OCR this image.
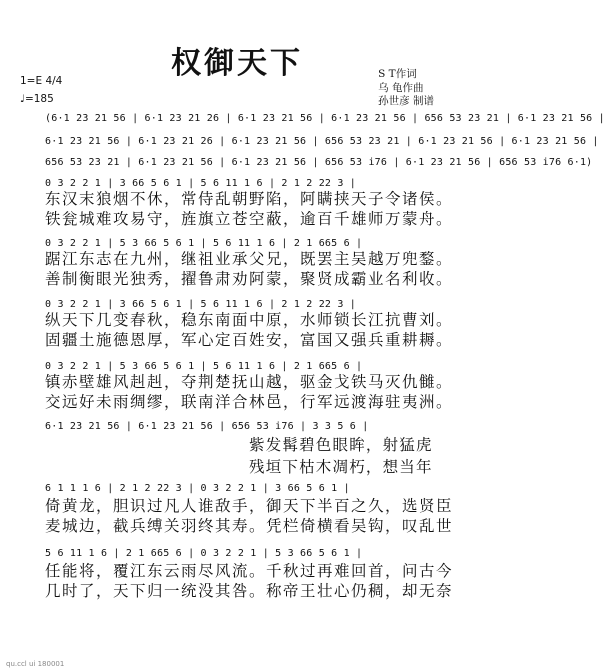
权御天下
1=E 4/4
♩=185
S T作词
乌 龟作曲
孙世彦 制谱
(6·1 23 21 56 | 6·1 23 21 26 | 6·1 23 21 56 | 6·1 23 21 56 | 656 53 23 21 | 6·1 23 21 56 |
6·1 23 21 56 | 6·1 23 21 26 | 6·1 23 21 56 | 656 53 23 21 | 6·1 23 21 56 | 6·1 23 21 56 |
656 53 23 21 | 6·1 23 21 56 | 6·1 23 21 56 | 656 53 i76 | 6·1 23 21 56 | 656 53 i76 6·1)
0 3 2 2 1 | 3 66 5 6 1 | 5 6 11 1 6 | 2 1 2 22 3 |
东汉末狼烟不休，常侍乱朝野陷，阿瞒挟天子令诸侯。
铁瓮城难攻易守，旌旗立苍空蔽，逾百千雄师万蒙舟。
0 3 2 2 1 | 5 3 66 5 6 1 | 5 6 11 1 6 | 2 1 665 6 |
踞江东志在九州，继祖业承父兄，既罢主吴越万兜鍪。
善制衡眼光独秀，擢鲁肃劝阿蒙，聚贤成霸业名利收。
0 3 2 2 1 | 3 66 5 6 1 | 5 6 11 1 6 | 2 1 2 22 3 |
纵天下几变春秋，稳东南面中原，水师锁长江抗曹刘。
固疆土施德恩厚，军心定百姓安，富国又强兵重耕耨。
0 3 2 2 1 | 5 3 66 5 6 1 | 5 6 11 1 6 | 2 1 665 6 |
镇赤壁雄风赳赳，夺荆楚抚山越，驱金戈铁马灭仇雠。
交远好未雨绸缪，联南洋合林邑，行军远渡海驻夷洲。
6·1 23 21 56 | 6·1 23 21 56 | 656 53 i76 | 3 3 5 6 |
紫发髯碧色眼眸，射猛虎
残垣下枯木凋朽，想当年
6 1 1 1 6 | 2 1 2 22 3 | 0 3 2 2 1 | 3 66 5 6 1 |
倚黄龙，胆识过凡人谁敌手，御天下半百之久，选贤臣
麦城边，截兵缚关羽终其寿。凭栏倚横看吴钩，叹乱世
5 6 11 1 6 | 2 1 665 6 | 0 3 2 2 1 | 5 3 66 5 6 1 |
任能将，覆江东云雨尽风流。千秋过再难回首，问古今
几时了，天下归一统没其咎。称帝王壮心仍稠，却无奈
qu.ccl ui 180001
